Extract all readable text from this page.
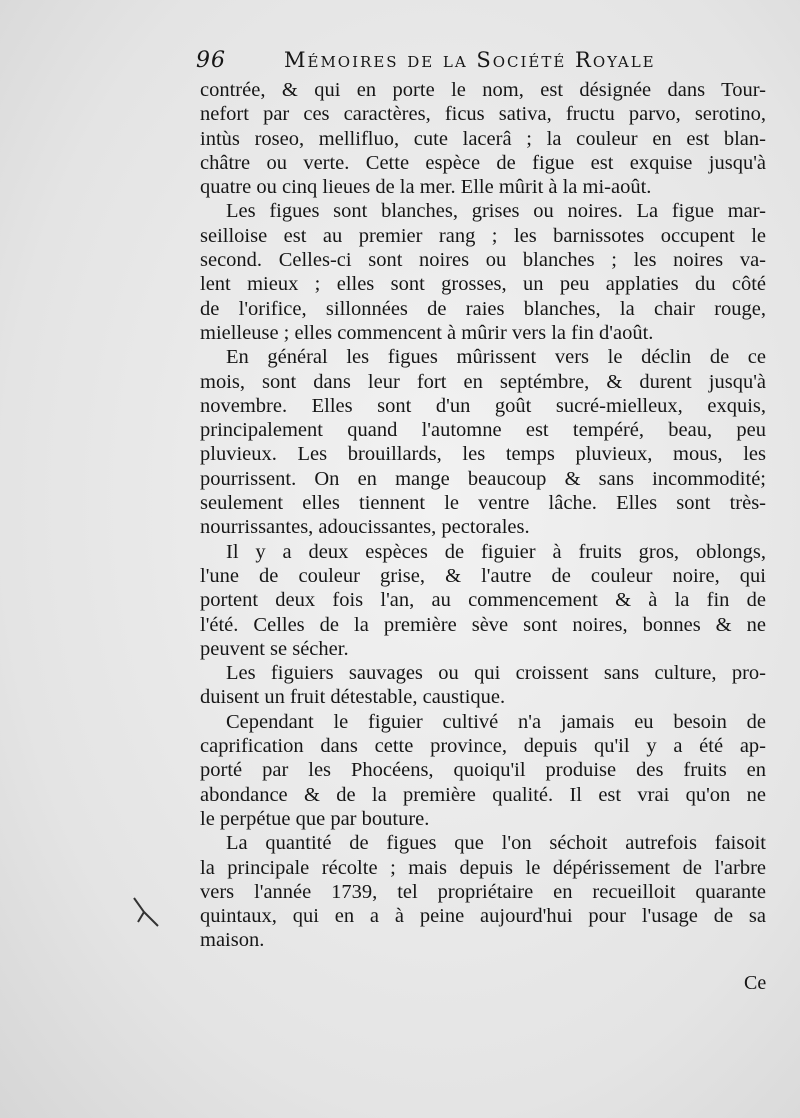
96	Mémoires de la Société Royale
contrée, & qui en porte le nom, est désignée dans Tour-
nefort par ces caractères, ficus sativa, fructu parvo, serotino,
intùs roseo, mellifluo, cute lacerâ ; la couleur en est blan-
châtre ou verte. Cette espèce de figue est exquise jusqu'à
quatre ou cinq lieues de la mer. Elle mûrit à la mi-août.
Les figues sont blanches, grises ou noires. La figue mar-
seilloise est au premier rang ; les barnissotes occupent le
second. Celles-ci sont noires ou blanches ; les noires va-
lent mieux ; elles sont grosses, un peu applaties du côté
de l'orifice, sillonnées de raies blanches, la chair rouge,
mielleuse ; elles commencent à mûrir vers la fin d'août.
En général les figues mûrissent vers le déclin de ce
mois, sont dans leur fort en septémbre, & durent jusqu'à
novembre. Elles sont d'un goût sucré-mielleux, exquis,
principalement quand l'automne est tempéré, beau, peu
pluvieux. Les brouillards, les temps pluvieux, mous, les
pourrissent. On en mange beaucoup & sans incommodité;
seulement elles tiennent le ventre lâche. Elles sont très-
nourrissantes, adoucissantes, pectorales.
Il y a deux espèces de figuier à fruits gros, oblongs,
l'une de couleur grise, & l'autre de couleur noire, qui
portent deux fois l'an, au commencement & à la fin de
l'été. Celles de la première sève sont noires, bonnes & ne
peuvent se sécher.
Les figuiers sauvages ou qui croissent sans culture, pro-
duisent un fruit détestable, caustique.
Cependant le figuier cultivé n'a jamais eu besoin de
caprification dans cette province, depuis qu'il y a été ap-
porté par les Phocéens, quoiqu'il produise des fruits en
abondance & de la première qualité. Il est vrai qu'on ne
le perpétue que par bouture.
La quantité de figues que l'on séchoit autrefois faisoit
la principale récolte ; mais depuis le dépérissement de l'arbre
vers l'année 1739, tel propriétaire en recueilloit quarante
quintaux, qui en a à peine aujourd'hui pour l'usage de sa
maison.
Ce
